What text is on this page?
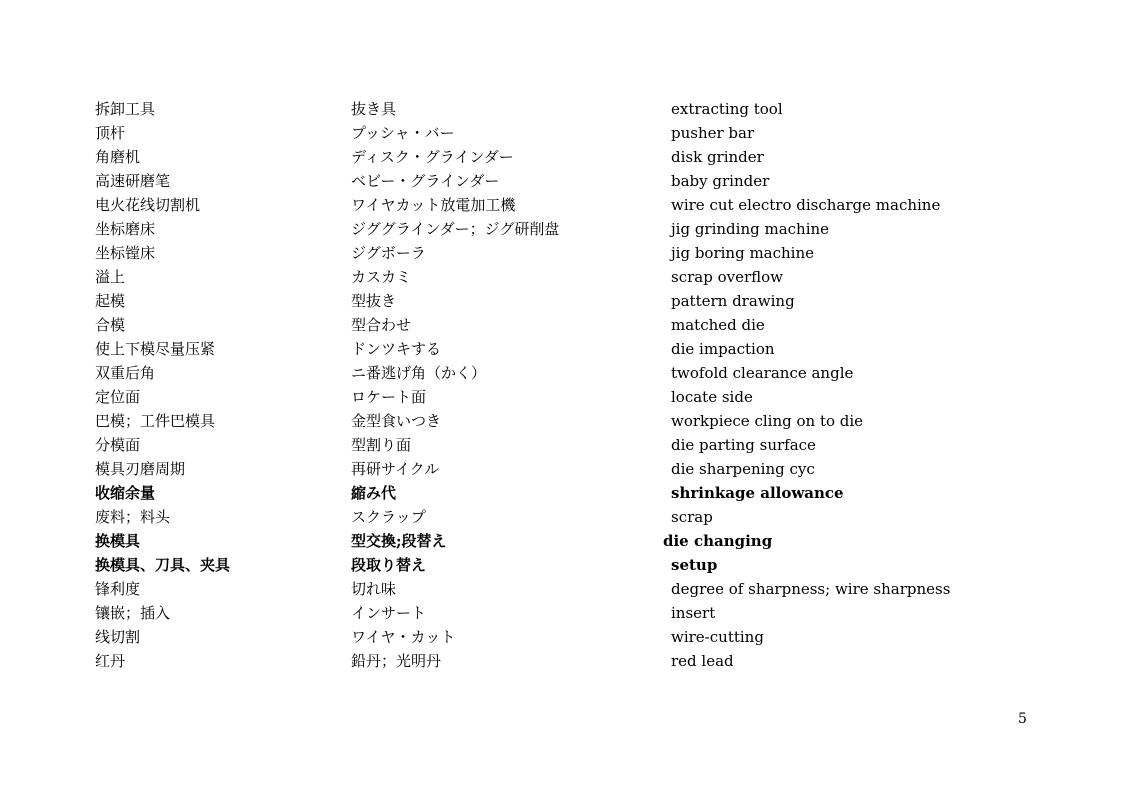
拆卸工具	抜き具	extracting tool
顶杆	プッシャ・バー	pusher bar
角磨机	ディスク・グラインダー	disk grinder
高速研磨笔	ベビー・グラインダー	baby grinder
电火花线切割机	ワイヤカット放電加工機	wire cut electro discharge machine
坐标磨床	ジググラインダー；ジグ研削盘	jig grinding machine
坐标镗床	ジグボーラ	jig boring machine
溢上	カスカミ	scrap overflow
起模	型抜き	pattern drawing
合模	型合わせ	matched die
使上下模尽量压紧	ドンツキする	die impaction
双重后角	ニ番逃げ角（かく）	twofold clearance angle
定位面	ロケート面	locate side
巴模；工件巴模具	金型食いつき	workpiece cling on to die
分模面	型割り面	die parting surface
模具刃磨周期	再研サイクル	die sharpening cyc
收缩余量	縮み代	shrinkage allowance
废料；料头	スクラップ	scrap
换模具	型交換;段替え	die changing
换模具、刀具、夹具	段取り替え	setup
锋利度	切れ味	degree of sharpness; wire sharpness
镶嵌；插入	インサート	insert
线切割	ワイヤ・カット	wire-cutting
红丹	鉛丹；光明丹	red lead
5
